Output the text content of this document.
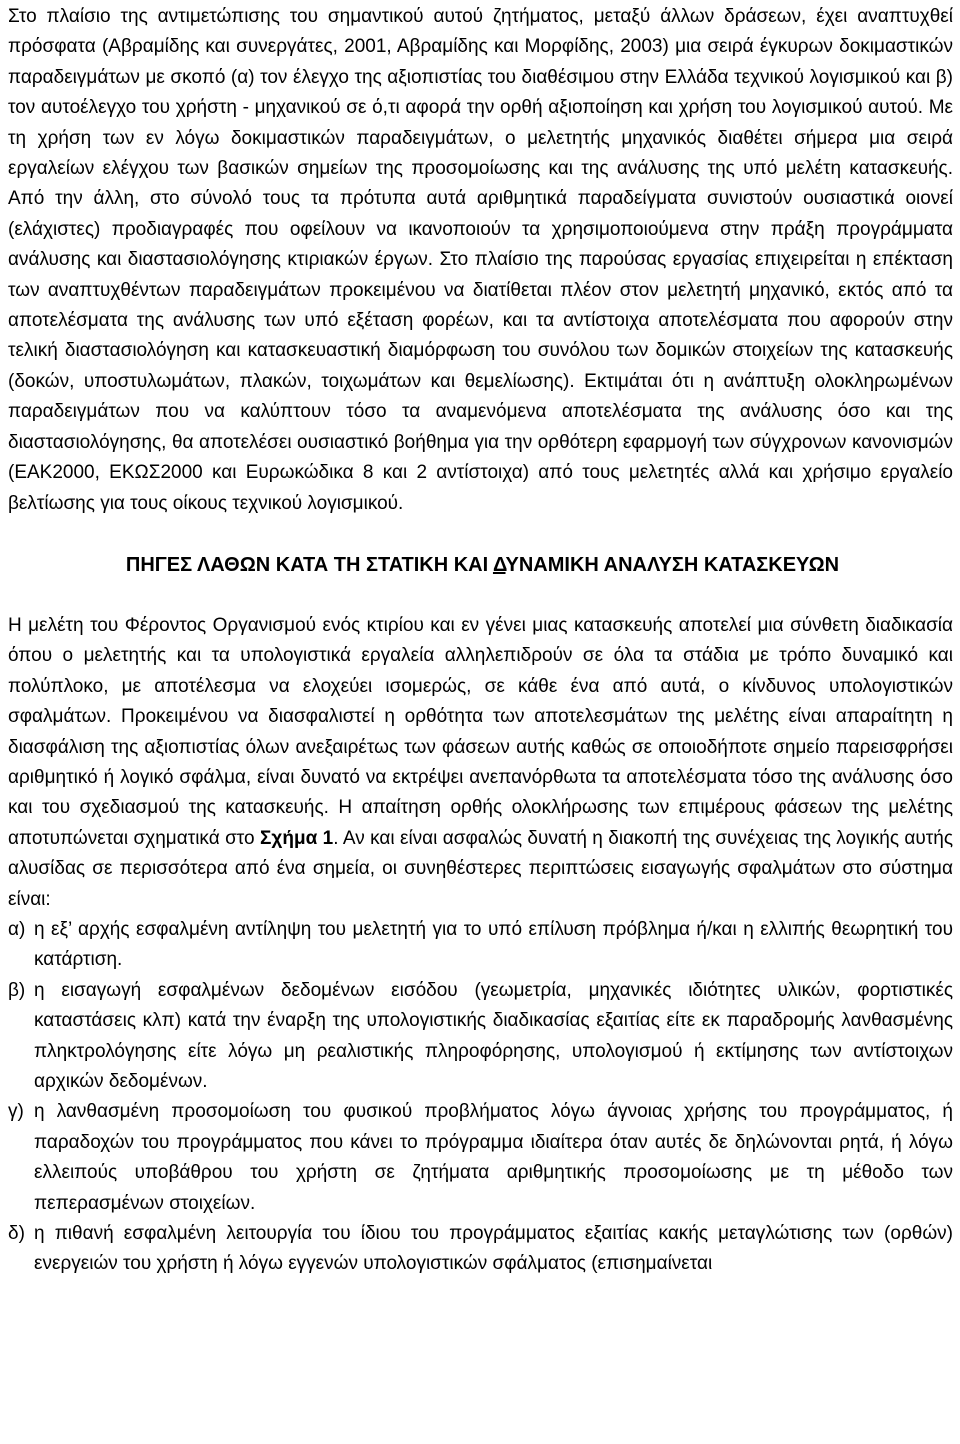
Στο πλαίσιο της αντιμετώπισης του σημαντικού αυτού ζητήματος, μεταξύ άλλων δράσεων, έχει αναπτυχθεί πρόσφατα (Αβραμίδης και συνεργάτες, 2001, Αβραμίδης και Μορφίδης, 2003) μια σειρά έγκυρων δοκιμαστικών παραδειγμάτων με σκοπό (α) τον έλεγχο της αξιοπιστίας του διαθέσιμου στην Ελλάδα τεχνικού λογισμικού και β) τον αυτοέλεγχο του χρήστη - μηχανικού σε ό,τι αφορά την ορθή αξιοποίηση και χρήση του λογισμικού αυτού. Με τη χρήση των εν λόγω δοκιμαστικών παραδειγμάτων, ο μελετητής μηχανικός διαθέτει σήμερα μια σειρά εργαλείων ελέγχου των βασικών σημείων της προσομοίωσης και της ανάλυσης της υπό μελέτη κατασκευής. Από την άλλη, στο σύνολό τους τα πρότυπα αυτά αριθμητικά παραδείγματα συνιστούν ουσιαστικά οιονεί (ελάχιστες) προδιαγραφές που οφείλουν να ικανοποιούν τα χρησιμοποιούμενα στην πράξη προγράμματα ανάλυσης και διαστασιολόγησης κτιριακών έργων. Στο πλαίσιο της παρούσας εργασίας επιχειρείται η επέκταση των αναπτυχθέντων παραδειγμάτων προκειμένου να διατίθεται πλέον στον μελετητή μηχανικό, εκτός από τα αποτελέσματα της ανάλυσης των υπό εξέταση φορέων, και τα αντίστοιχα αποτελέσματα που αφορούν στην τελική διαστασιολόγηση και κατασκευαστική διαμόρφωση του συνόλου των δομικών στοιχείων της κατασκευής (δοκών, υποστυλωμάτων, πλακών, τοιχωμάτων και θεμελίωσης). Εκτιμάται ότι η ανάπτυξη ολοκληρωμένων παραδειγμάτων που να καλύπτουν τόσο τα αναμενόμενα αποτελέσματα της ανάλυσης όσο και της διαστασιολόγησης, θα αποτελέσει ουσιαστικό βοήθημα για την ορθότερη εφαρμογή των σύγχρονων κανονισμών (ΕΑΚ2000, ΕΚΩΣ2000 και Ευρωκώδικα 8 και 2 αντίστοιχα) από τους μελετητές αλλά και χρήσιμο εργαλείο βελτίωσης για τους οίκους τεχνικού λογισμικού.

ΠΗΓΕΣ ΛΑΘΩΝ ΚΑΤΑ ΤΗ ΣΤΑΤΙΚΗ ΚΑΙ ΔΥΝΑΜΙΚΗ ΑΝΑΛΥΣΗ ΚΑΤΑΣΚΕΥΩΝ

Η μελέτη του Φέροντος Οργανισμού ενός κτιρίου και εν γένει μιας κατασκευής αποτελεί μια σύνθετη διαδικασία όπου ο μελετητής και τα υπολογιστικά εργαλεία αλληλεπιδρούν σε όλα τα στάδια με τρόπο δυναμικό και πολύπλοκο, με αποτέλεσμα να ελοχεύει ισομερώς, σε κάθε ένα από αυτά, ο κίνδυνος υπολογιστικών σφαλμάτων. Προκειμένου να διασφαλιστεί η ορθότητα των αποτελεσμάτων της μελέτης είναι απαραίτητη η διασφάλιση της αξιοπιστίας όλων ανεξαιρέτως των φάσεων αυτής καθώς σε οποιοδήποτε σημείο παρεισφρήσει αριθμητικό ή λογικό σφάλμα, είναι δυνατό να εκτρέψει ανεπανόρθωτα τα αποτελέσματα τόσο της ανάλυσης όσο και του σχεδιασμού της κατασκευής. Η απαίτηση ορθής ολοκλήρωσης των επιμέρους φάσεων της μελέτης αποτυπώνεται σχηματικά στο Σχήμα 1. Αν και είναι ασφαλώς δυνατή η διακοπή της συνέχειας της λογικής αυτής αλυσίδας σε περισσότερα από ένα σημεία, οι συνηθέστερες περιπτώσεις εισαγωγής σφαλμάτων στο σύστημα είναι:

α) η εξ’ αρχής εσφαλμένη αντίληψη του μελετητή για το υπό επίλυση πρόβλημα ή/και η ελλιπής θεωρητική του κατάρτιση.
β) η εισαγωγή εσφαλμένων δεδομένων εισόδου (γεωμετρία, μηχανικές ιδιότητες υλικών, φορτιστικές καταστάσεις κλπ) κατά την έναρξη της υπολογιστικής διαδικασίας εξαιτίας είτε εκ παραδρομής λανθασμένης πληκτρολόγησης είτε λόγω μη ρεαλιστικής πληροφόρησης, υπολογισμού ή εκτίμησης των αντίστοιχων αρχικών δεδομένων.
γ) η λανθασμένη προσομοίωση του φυσικού προβλήματος λόγω άγνοιας χρήσης του προγράμματος, ή παραδοχών του προγράμματος που κάνει το πρόγραμμα ιδιαίτερα όταν αυτές δε δηλώνονται ρητά, ή λόγω ελλειπούς υποβάθρου του χρήστη σε ζητήματα αριθμητικής προσομοίωσης με τη μέθοδο των πεπερασμένων στοιχείων.
δ) η πιθανή εσφαλμένη λειτουργία του ίδιου του προγράμματος εξαιτίας κακής μεταγλώτισης των (ορθών) ενεργειών του χρήστη ή λόγω εγγενών υπολογιστικών σφάλματος (επισημαίνεται
